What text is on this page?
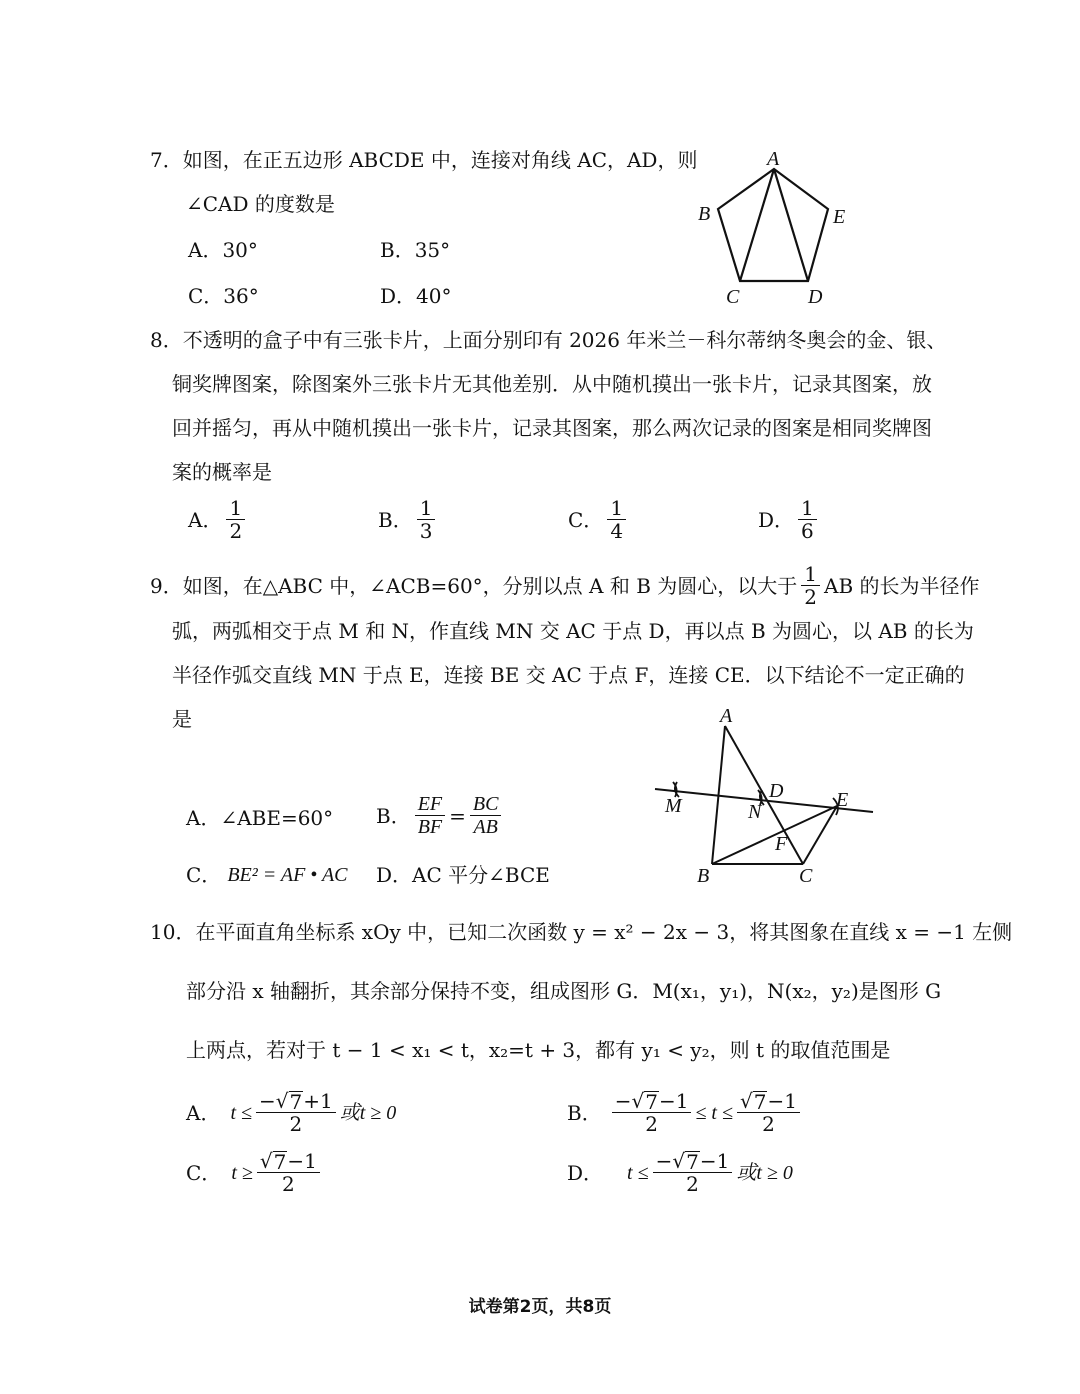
7．如图，在正五边形 ABCDE 中，连接对角线 AC，AD，则
∠CAD 的度数是
A．30°	B．35°
C．36°	D．40°
A
B
C	D
E
8．不透明的盒子中有三张卡片，上面分别印有 2026 年米兰－科尔蒂纳冬奥会的金、银、
铜奖牌图案，除图案外三张卡片无其他差别．从中随机摸出一张卡片，记录其图案，放
回并摇匀，再从中随机摸出一张卡片，记录其图案，那么两次记录的图案是相同奖牌图
案的概率是
A． $\frac{1}{2}$	B． $\frac{1}{3}$	C． $\frac{1}{4}$	D． $\frac{1}{6}$
9．如图，在△ABC 中，∠ACB=60°，分别以点 A 和 B 为圆心，以大于 $\frac{1}{2}$ AB 的长为半径作
弧，两弧相交于点 M 和 N，作直线 MN 交 AC 于点 D，再以点 B 为圆心，以 AB 的长为
半径作弧交直线 MN 于点 E，连接 BE 交 AC 于点 F，连接 CE．以下结论不一定正确的
是
A．∠ABE=60° B． $\frac{EF}{BF} = \frac{BC}{AB}$
C． BE² = AF • AC D．AC 平分∠BCE
A
M
D
N
E
F
B	C
10．在平面直角坐标系 xOy 中，已知二次函数 y = x² − 2x − 3，将其图象在直线 x = −1 左侧
部分沿 x 轴翻折，其余部分保持不变，组成图形 G．M(x₁，y₁)，N(x₂，y₂)是图形 G
上两点，若对于 t − 1 < x₁ < t，x₂=t + 3，都有 y₁ < y₂，则 t 的取值范围是
A． $t \le \frac{- √ 7 +1}{2}$ 或t ≥ 0	B． $\frac{- √ 7 -1}{2} \le t \le \frac{√ 7 -1}{2}$
C． $t \ge \frac{√ 7 -1}{2}$	D． $t \le \frac{- √ 7 -1}{2}$ 或t ≥ 0
试卷第2页，共8页
